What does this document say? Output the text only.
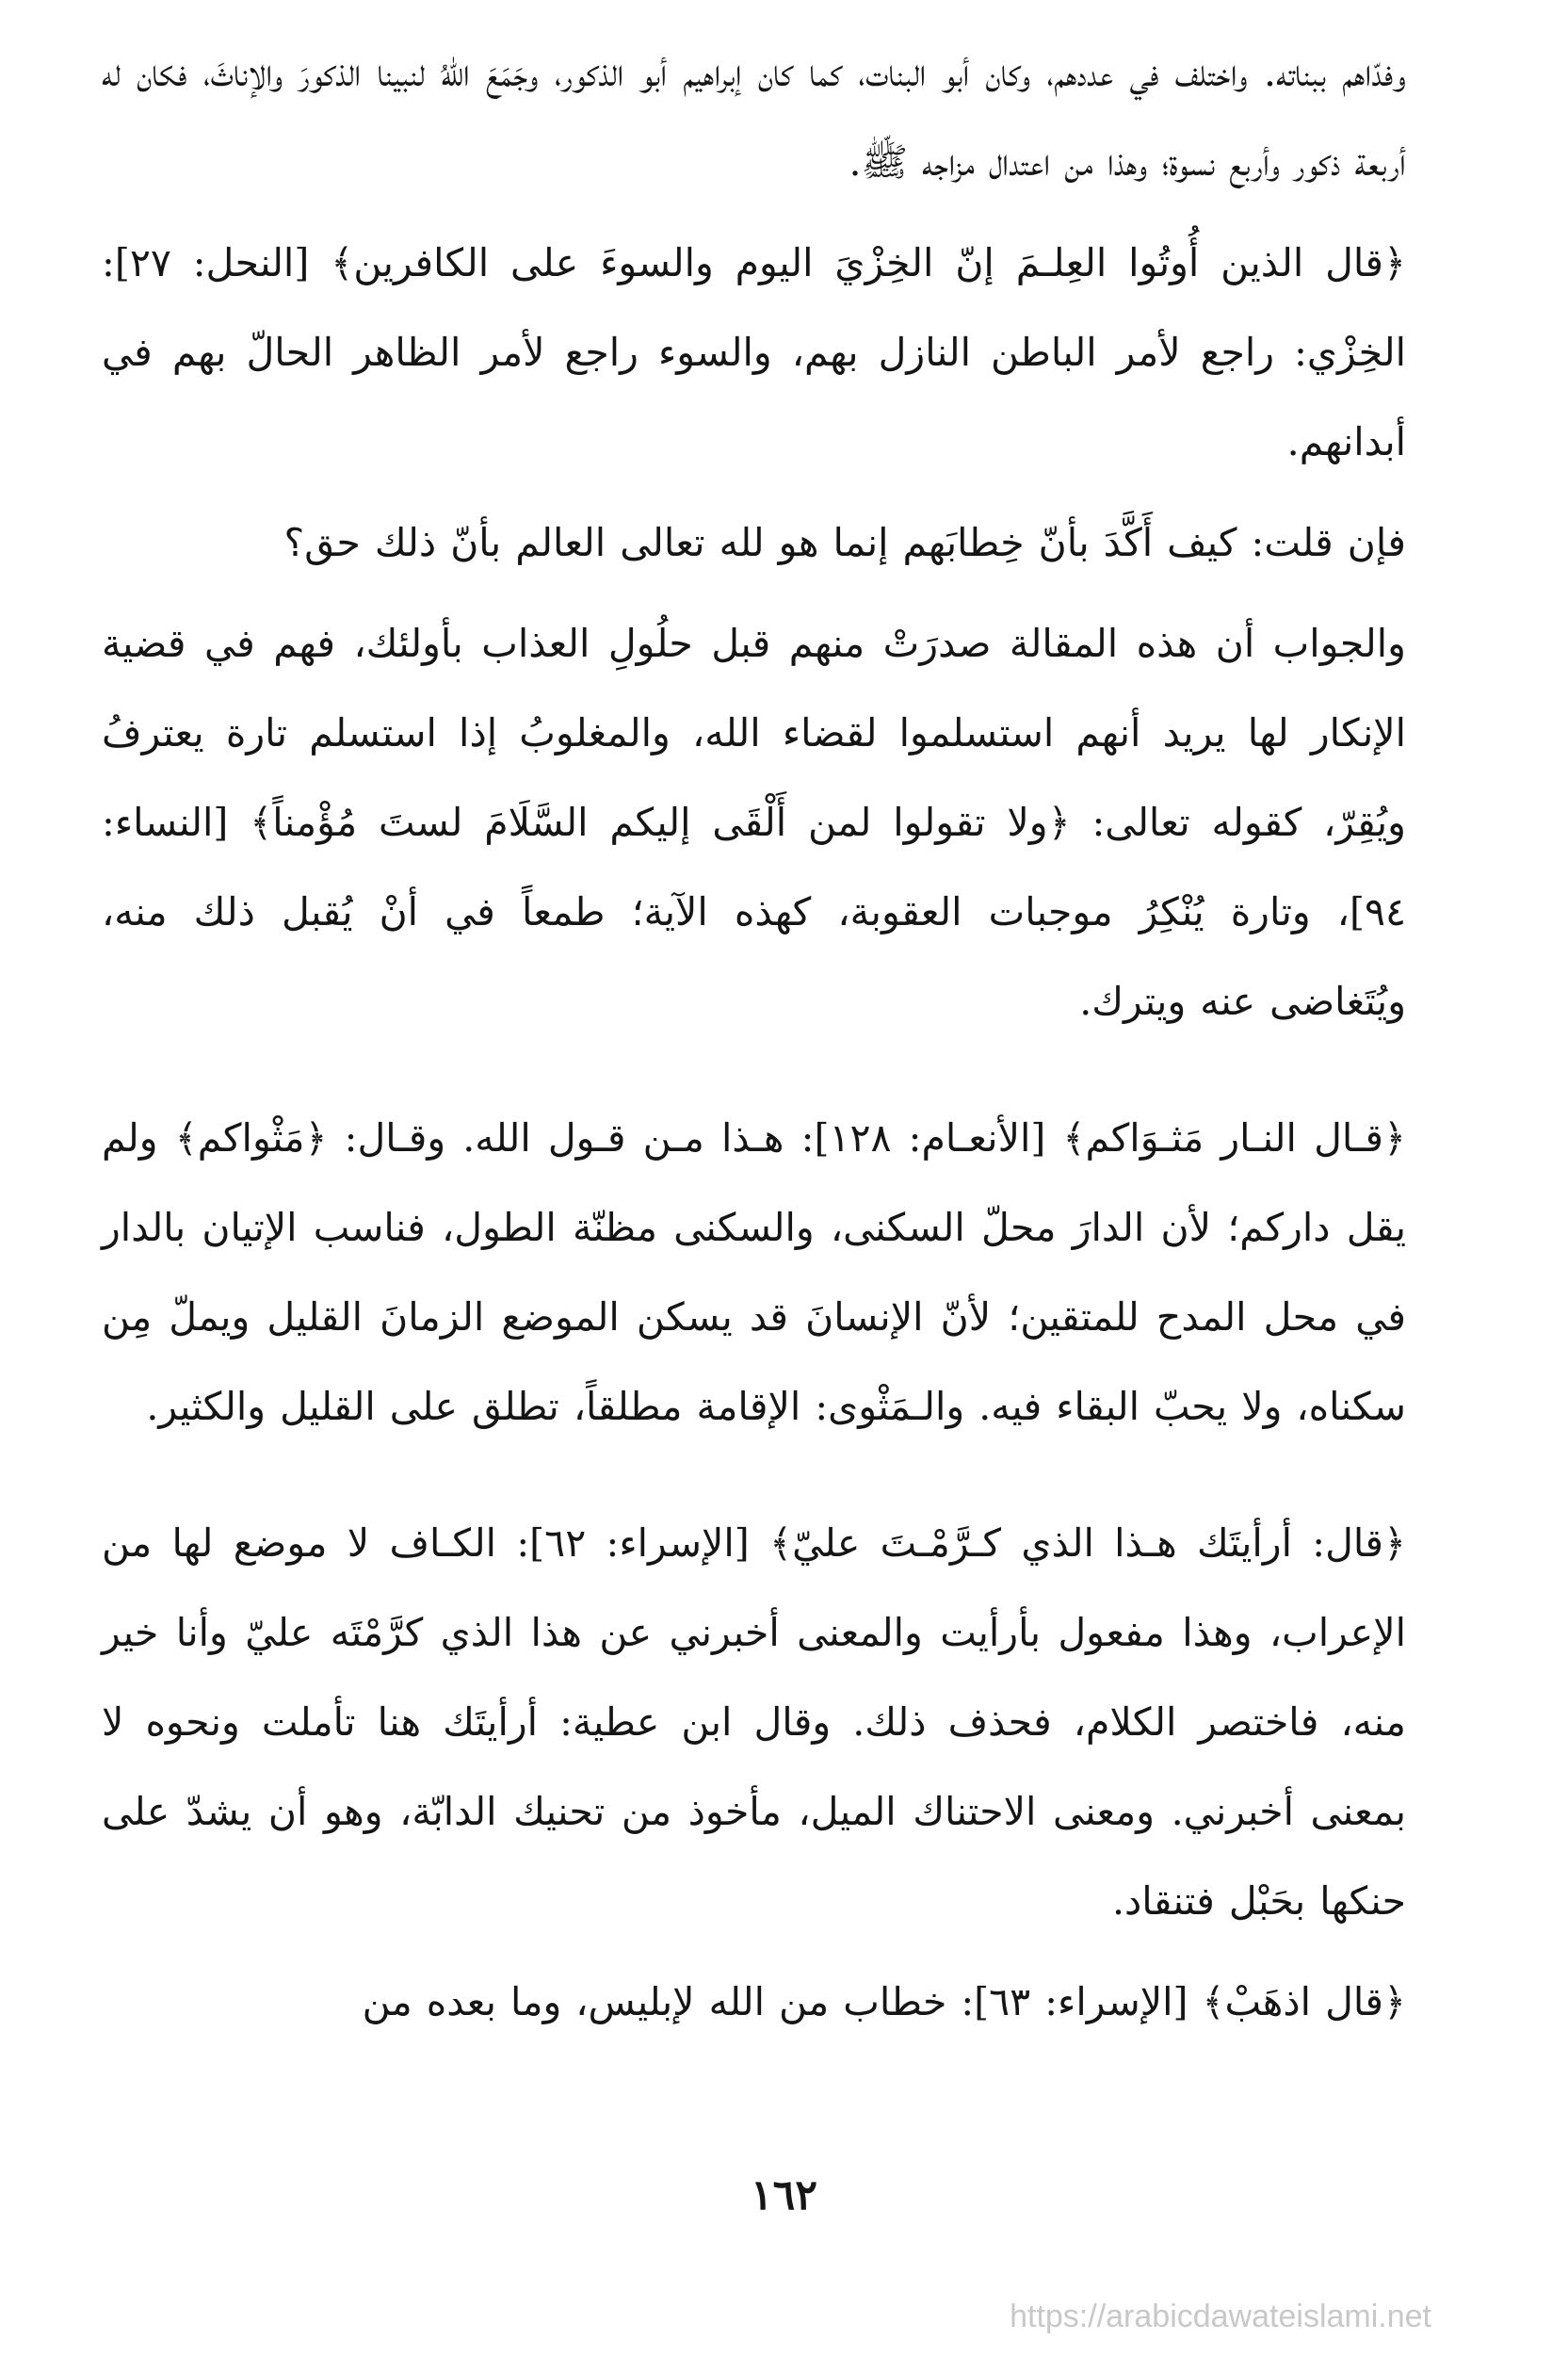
وفدّاهم ببناته. واختلف في عددهم، وكان أبو البنات، كما كان إبراهيم أبو الذكور، وجَمَعَ اللهُ لنبينا الذكورَ والإناثَ، فكان له أربعة ذكور وأربع نسوة؛ وهذا من اعتدال مزاجه ﷺ.

﴿قال الذين أُوتُوا العِلـمَ إنّ الخِزْيَ اليوم والسوءَ على الكافرين﴾ [النحل: ٢٧]: الخِزْي: راجع لأمر الباطن النازل بهم، والسوء راجع لأمر الظاهر الحالّ بهم في أبدانهم.

فإن قلت: كيف أَكَّدَ بأنّ خِطابَهم إنما هو لله تعالى العالم بأنّ ذلك حق؟

والجواب أن هذه المقالة صدرَتْ منهم قبل حلُولِ العذاب بأولئك، فهم في قضية الإنكار لها يريد أنهم استسلموا لقضاء الله، والمغلوبُ إذا استسلم تارة يعترفُ ويُقِرّ، كقوله تعالى: ﴿ولا تقولوا لمن أَلْقَى إليكم السَّلَامَ لستَ مُؤْمناً﴾ [النساء: ٩٤]، وتارة يُنْكِرُ موجبات العقوبة، كهذه الآية؛ طمعاً في أنْ يُقبل ذلك منه، ويُتَغاضى عنه ويترك.

﴿قـال النـار مَثـوَاكم﴾ [الأنعـام: ١٢٨]: هـذا مـن قـول الله. وقـال: ﴿مَثْواكم﴾ ولم يقل داركم؛ لأن الدارَ محلّ السكنى، والسكنى مظنّة الطول، فناسب الإتيان بالدار في محل المدح للمتقين؛ لأنّ الإنسانَ قد يسكن الموضع الزمانَ القليل ويملّ مِن سكناه، ولا يحبّ البقاء فيه. والـمَثْوى: الإقامة مطلقاً، تطلق على القليل والكثير.

﴿قال: أرأيتَك هـذا الذي كـرَّمْـتَ عليّ﴾ [الإسراء: ٦٢]: الكـاف لا موضع لها من الإعراب، وهذا مفعول بأرأيت والمعنى أخبرني عن هذا الذي كرَّمْتَه عليّ وأنا خير منه، فاختصر الكلام، فحذف ذلك. وقال ابن عطية: أرأيتَك هنا تأملت ونحوه لا بمعنى أخبرني. ومعنى الاحتناك الميل، مأخوذ من تحنيك الدابّة، وهو أن يشدّ على حنكها بحَبْل فتنقاد.

﴿قال اذهَبْ﴾ [الإسراء: ٦٣]: خطاب من الله لإبليس، وما بعده من

١٦٢
https://arabicdawateislami.net
